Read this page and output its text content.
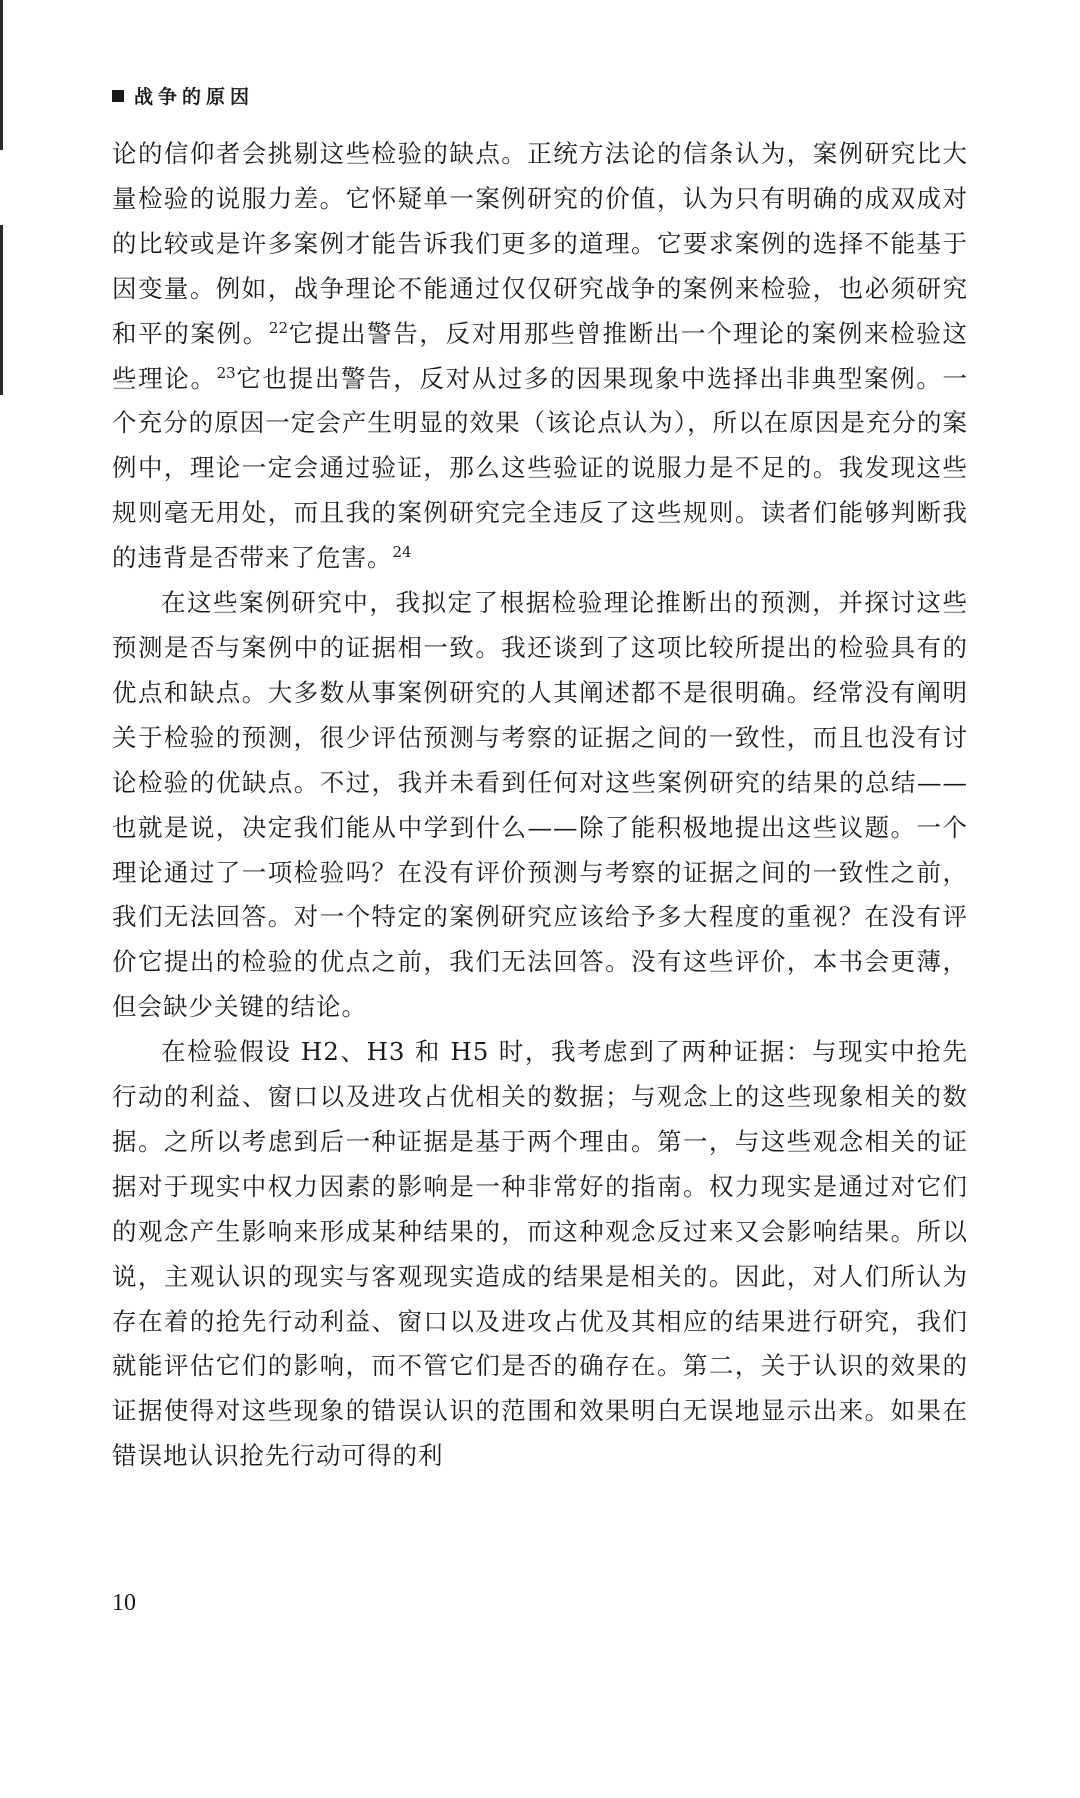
战争的原因

论的信仰者会挑剔这些检验的缺点。正统方法论的信条认为，案例研究比大量检验的说服力差。它怀疑单一案例研究的价值，认为只有明确的成双成对的比较或是许多案例才能告诉我们更多的道理。它要求案例的选择不能基于因变量。例如，战争理论不能通过仅仅研究战争的案例来检验，也必须研究和平的案例。$^{22}$它提出警告，反对用那些曾推断出一个理论的案例来检验这些理论。$^{23}$它也提出警告，反对从过多的因果现象中选择出非典型案例。一个充分的原因一定会产生明显的效果（该论点认为），所以在原因是充分的案例中，理论一定会通过验证，那么这些验证的说服力是不足的。我发现这些规则毫无用处，而且我的案例研究完全违反了这些规则。读者们能够判断我的违背是否带来了危害。$^{24}$

在这些案例研究中，我拟定了根据检验理论推断出的预测，并探讨这些预测是否与案例中的证据相一致。我还谈到了这项比较所提出的检验具有的优点和缺点。大多数从事案例研究的人其阐述都不是很明确。经常没有阐明关于检验的预测，很少评估预测与考察的证据之间的一致性，而且也没有讨论检验的优缺点。不过，我并未看到任何对这些案例研究的结果的总结——也就是说，决定我们能从中学到什么——除了能积极地提出这些议题。一个理论通过了一项检验吗？在没有评价预测与考察的证据之间的一致性之前，我们无法回答。对一个特定的案例研究应该给予多大程度的重视？在没有评价它提出的检验的优点之前，我们无法回答。没有这些评价，本书会更薄，但会缺少关键的结论。

在检验假设 H2、H3 和 H5 时，我考虑到了两种证据：与现实中抢先行动的利益、窗口以及进攻占优相关的数据；与观念上的这些现象相关的数据。之所以考虑到后一种证据是基于两个理由。第一，与这些观念相关的证据对于现实中权力因素的影响是一种非常好的指南。权力现实是通过对它们的观念产生影响来形成某种结果的，而这种观念反过来又会影响结果。所以说，主观认识的现实与客观现实造成的结果是相关的。因此，对人们所认为存在着的抢先行动利益、窗口以及进攻占优及其相应的结果进行研究，我们就能评估它们的影响，而不管它们是否的确存在。第二，关于认识的效果的证据使得对这些现象的错误认识的范围和效果明白无误地显示出来。如果在错误地认识抢先行动可得的利

10
